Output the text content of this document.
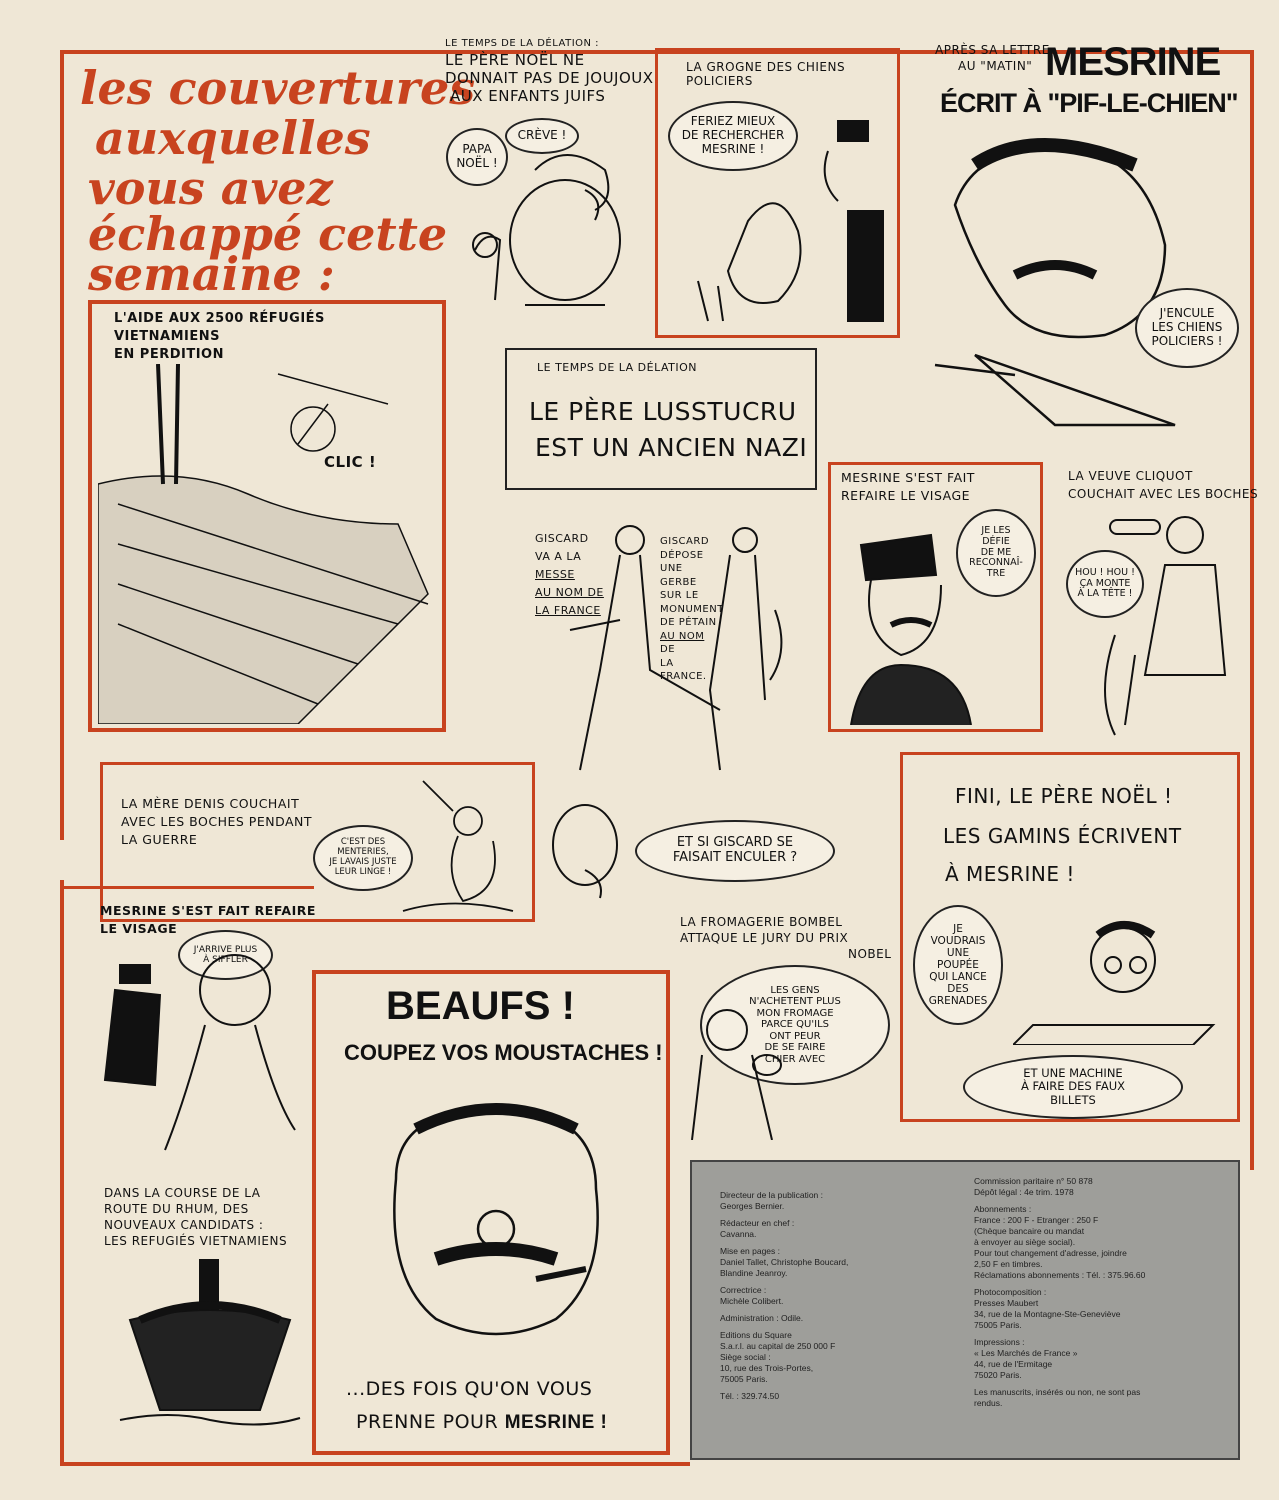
les couvertures
auxquelles
vous avez
échappé cette
semaine :
LE TEMPS DE LA DÉLATION :
LE PÈRE NOËL NE
DONNAIT PAS DE JOUJOUX
AUX ENFANTS JUIFS
PAPA
NOËL !
CRÈVE !
LA GROGNE DES CHIENS POLICIERS
FERIEZ MIEUX
DE RECHERCHER
MESRINE !
APRÈS SA LETTRE
AU "MATIN" MESRINE
ÉCRIT À "PIF-LE-CHIEN"
J'ENCULE
LES CHIENS
POLICIERS !
L'AIDE AUX 2500 RÉFUGIÉS
VIETNAMIENS
EN PERDITION
CLIC !
LE TEMPS DE LA DÉLATION
LE PÈRE LUSSTUCRU
EST UN ANCIEN NAZI
GISCARD
VA A LA
MESSE
AU NOM DE
LA FRANCE
GISCARD
DÉPOSE
UNE
GERBE
SUR LE
MONUMENT
DE PÉTAIN
AU NOM
DE
LA
FRANCE.
MESRINE S'EST FAIT
REFAIRE LE VISAGE
JE LES
DÉFIE
DE ME
RECONNAÎ-
TRE
LA VEUVE CLIQUOT
COUCHAIT AVEC LES BOCHES
HOU ! HOU !
ÇA MONTE
À LA TÊTE !
LA MÈRE DENIS COUCHAIT
AVEC LES BOCHES PENDANT
LA GUERRE	C'EST DES
MENTERIES,
JE LAVAIS JUSTE
LEUR LINGE !
ET SI GISCARD SE
FAISAIT ENCULER ?
FINI, LE PÈRE NOËL !
LES GAMINS ÉCRIVENT
À MESRINE !
JE
VOUDRAIS
UNE
POUPÉE
QUI LANCE
DES GRENADES
ET UNE MACHINE
À FAIRE DES FAUX
BILLETS
MESRINE S'EST FAIT REFAIRE
LE VISAGE
J'ARRIVE PLUS
À SIFFLER
BEAUFS !
COUPEZ VOS MOUSTACHES !
...DES FOIS QU'ON VOUS
PRENNE POUR MESRINE !
LA FROMAGERIE BOMBEL
ATTAQUE LE JURY DU PRIX
NOBEL
LES GENS
N'ACHETENT PLUS
MON FROMAGE
PARCE QU'ILS
ONT PEUR
DE SE FAIRE
CHIER AVEC
DANS LA COURSE DE LA
ROUTE DU RHUM, DES
NOUVEAUX CANDIDATS :
LES REFUGIÉS VIETNAMIENS

Directeur de la publication :
Georges Bernier.

Rédacteur en chef :
Cavanna.

Mise en pages :
Daniel Tallet, Christophe Boucard,
Blandine Jeanroy.

Correctrice :
Michèle Colibert.

Administration : Odile.

Editions du Square
S.a.r.l. au capital de 250 000 F
Siège social :
10, rue des Trois-Portes,
75005 Paris.

Tél. : 329.74.50

Commission paritaire n° 50 878
Dépôt légal : 4e trim. 1978

Abonnements :
France : 200 F - Etranger : 250 F
(Chèque bancaire ou mandat
à envoyer au siège social).
Pour tout changement d'adresse, joindre
2,50 F en timbres.
Réclamations abonnements : Tél. : 375.96.60

Photocomposition :
Presses Maubert
34, rue de la Montagne-Ste-Geneviève
75005 Paris.

Impressions :
« Les Marchés de France »
44, rue de l'Ermitage
75020 Paris.

Les manuscrits, insérés ou non, ne sont pas
rendus.
